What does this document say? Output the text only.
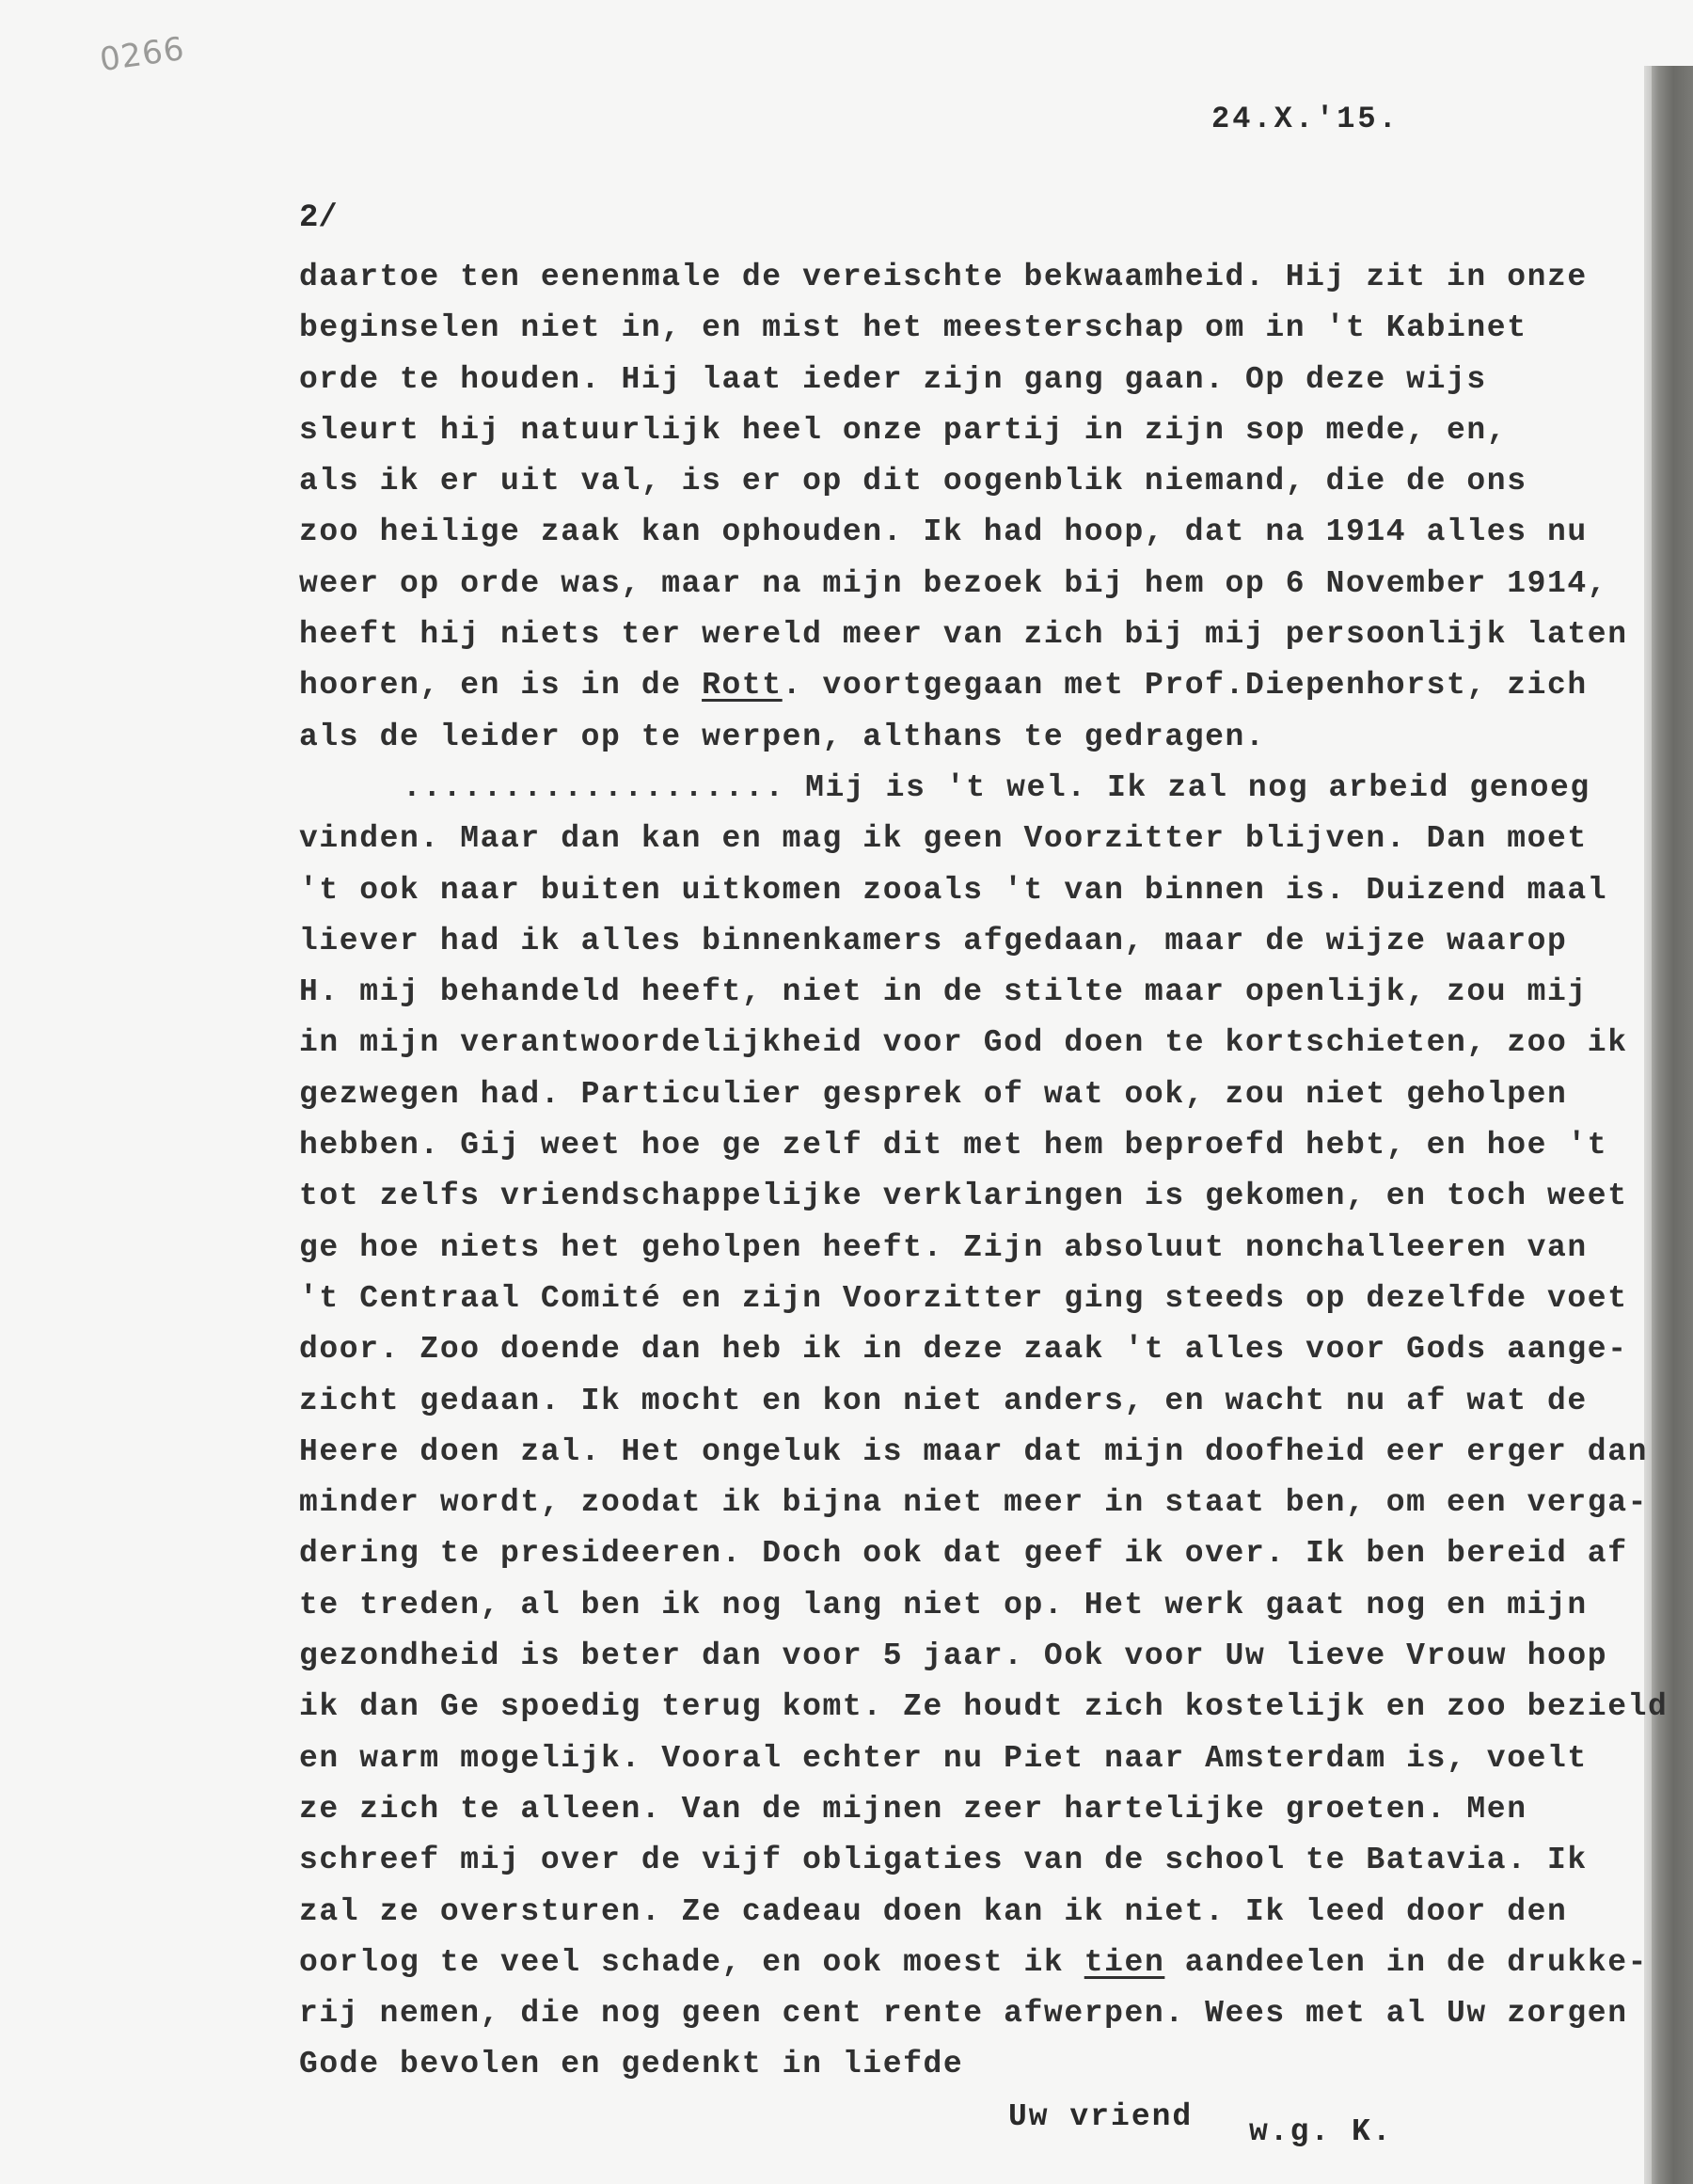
0266
24.X.'15.
2/
daartoe ten eenenmale de vereischte bekwaamheid. Hij zit in onze
beginselen niet in, en mist het meesterschap om in 't Kabinet
orde te houden. Hij laat ieder zijn gang gaan. Op deze wijs
sleurt hij natuurlijk heel onze partij in zijn sop mede, en,
als ik er uit val, is er op dit oogenblik niemand, die de ons
zoo heilige zaak kan ophouden. Ik had hoop, dat na 1914 alles nu
weer op orde was, maar na mijn bezoek bij hem op 6 November 1914,
heeft hij niets ter wereld meer van zich bij mij persoonlijk laten
hooren, en is in de Rott. voortgegaan met Prof.Diepenhorst, zich
als de leider op te werpen, althans te gedragen.
................... Mij is 't wel. Ik zal nog arbeid genoeg
vinden. Maar dan kan en mag ik geen Voorzitter blijven. Dan moet
't ook naar buiten uitkomen zooals 't van binnen is. Duizend maal
liever had ik alles binnenkamers afgedaan, maar de wijze waarop
H. mij behandeld heeft, niet in de stilte maar openlijk, zou mij
in mijn verantwoordelijkheid voor God doen te kortschieten, zoo ik
gezwegen had. Particulier gesprek of wat ook, zou niet geholpen
hebben. Gij weet hoe ge zelf dit met hem beproefd hebt, en hoe 't
tot zelfs vriendschappelijke verklaringen is gekomen, en toch weet
ge hoe niets het geholpen heeft. Zijn absoluut nonchalleeren van
't Centraal Comité en zijn Voorzitter ging steeds op dezelfde voet
door. Zoo doende dan heb ik in deze zaak 't alles voor Gods aange-
zicht gedaan. Ik mocht en kon niet anders, en wacht nu af wat de
Heere doen zal. Het ongeluk is maar dat mijn doofheid eer erger dan
minder wordt, zoodat ik bijna niet meer in staat ben, om een verga-
dering te presideeren. Doch ook dat geef ik over. Ik ben bereid af
te treden, al ben ik nog lang niet op. Het werk gaat nog en mijn
gezondheid is beter dan voor 5 jaar. Ook voor Uw lieve Vrouw hoop
ik dan Ge spoedig terug komt. Ze houdt zich kostelijk en zoo bezield
en warm mogelijk. Vooral echter nu Piet naar Amsterdam is, voelt
ze zich te alleen. Van de mijnen zeer hartelijke groeten. Men
schreef mij over de vijf obligaties van de school te Batavia. Ik
zal ze oversturen. Ze cadeau doen kan ik niet. Ik leed door den
oorlog te veel schade, en ook moest ik tien aandeelen in de drukke-
rij nemen, die nog geen cent rente afwerpen. Wees met al Uw zorgen
Gode bevolen en gedenkt in liefde
Uw vriend w.g. K.
